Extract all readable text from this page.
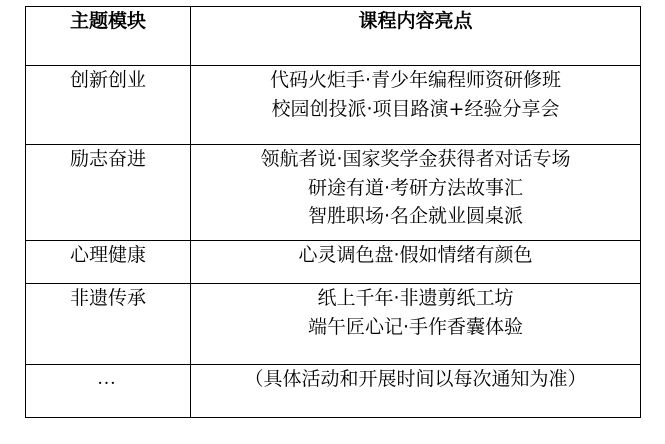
主题模块	课程内容亮点
创新创业	代码火炬手·青少年编程师资研修班
校园创投派·项目路演+经验分享会

励志奋进	领航者说·国家奖学金获得者对话专场
研途有道·考研方法故事汇
智胜职场·名企就业圆桌派

心理健康	心灵调色盘·假如情绪有颜色

非遗传承	纸上千年·非遗剪纸工坊
端午匠心记·手作香囊体验

…	（具体活动和开展时间以每次通知为准）
